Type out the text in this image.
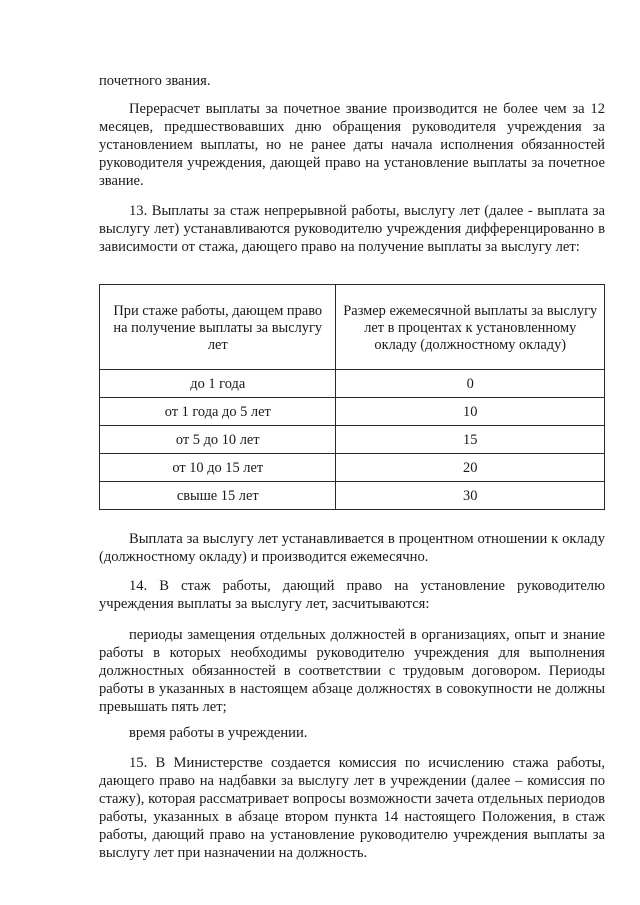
почетного звания.

Перерасчет выплаты за почетное звание производится не более чем за 12 месяцев, предшествовавших дню обращения руководителя учреждения за установлением выплаты, но не ранее даты начала исполнения обязанностей руководителя учреждения, дающей право на установление выплаты за почетное звание.

13. Выплаты за стаж непрерывной работы, выслугу лет (далее - выплата за выслугу лет) устанавливаются руководителю учреждения дифференцированно в зависимости от стажа, дающего право на получение выплаты за выслугу лет:

При стаже работы, дающем право на получение выплаты за выслугу лет	Размер ежемесячной выплаты за выслугу лет в процентах к установленному окладу (должностному окладу)
до 1 года	0
от 1 года до 5 лет	10
от 5 до 10 лет	15
от 10 до 15 лет	20
свыше 15 лет	30

Выплата за выслугу лет устанавливается в процентном отношении к окладу (должностному окладу) и производится ежемесячно.

14. В стаж работы, дающий право на установление руководителю учреждения выплаты за выслугу лет, засчитываются:

периоды замещения отдельных должностей в организациях, опыт и знание работы в которых необходимы руководителю учреждения для выполнения должностных обязанностей в соответствии с трудовым договором. Периоды работы в указанных в настоящем абзаце должностях в совокупности не должны превышать пять лет;

время работы в учреждении.

15. В Министерстве создается комиссия по исчислению стажа работы, дающего право на надбавки за выслугу лет в учреждении (далее – комиссия по стажу), которая рассматривает вопросы возможности зачета отдельных периодов работы, указанных в абзаце втором пункта 14 настоящего Положения, в стаж работы, дающий право на установление руководителю учреждения выплаты за выслугу лет при назначении на должность.
